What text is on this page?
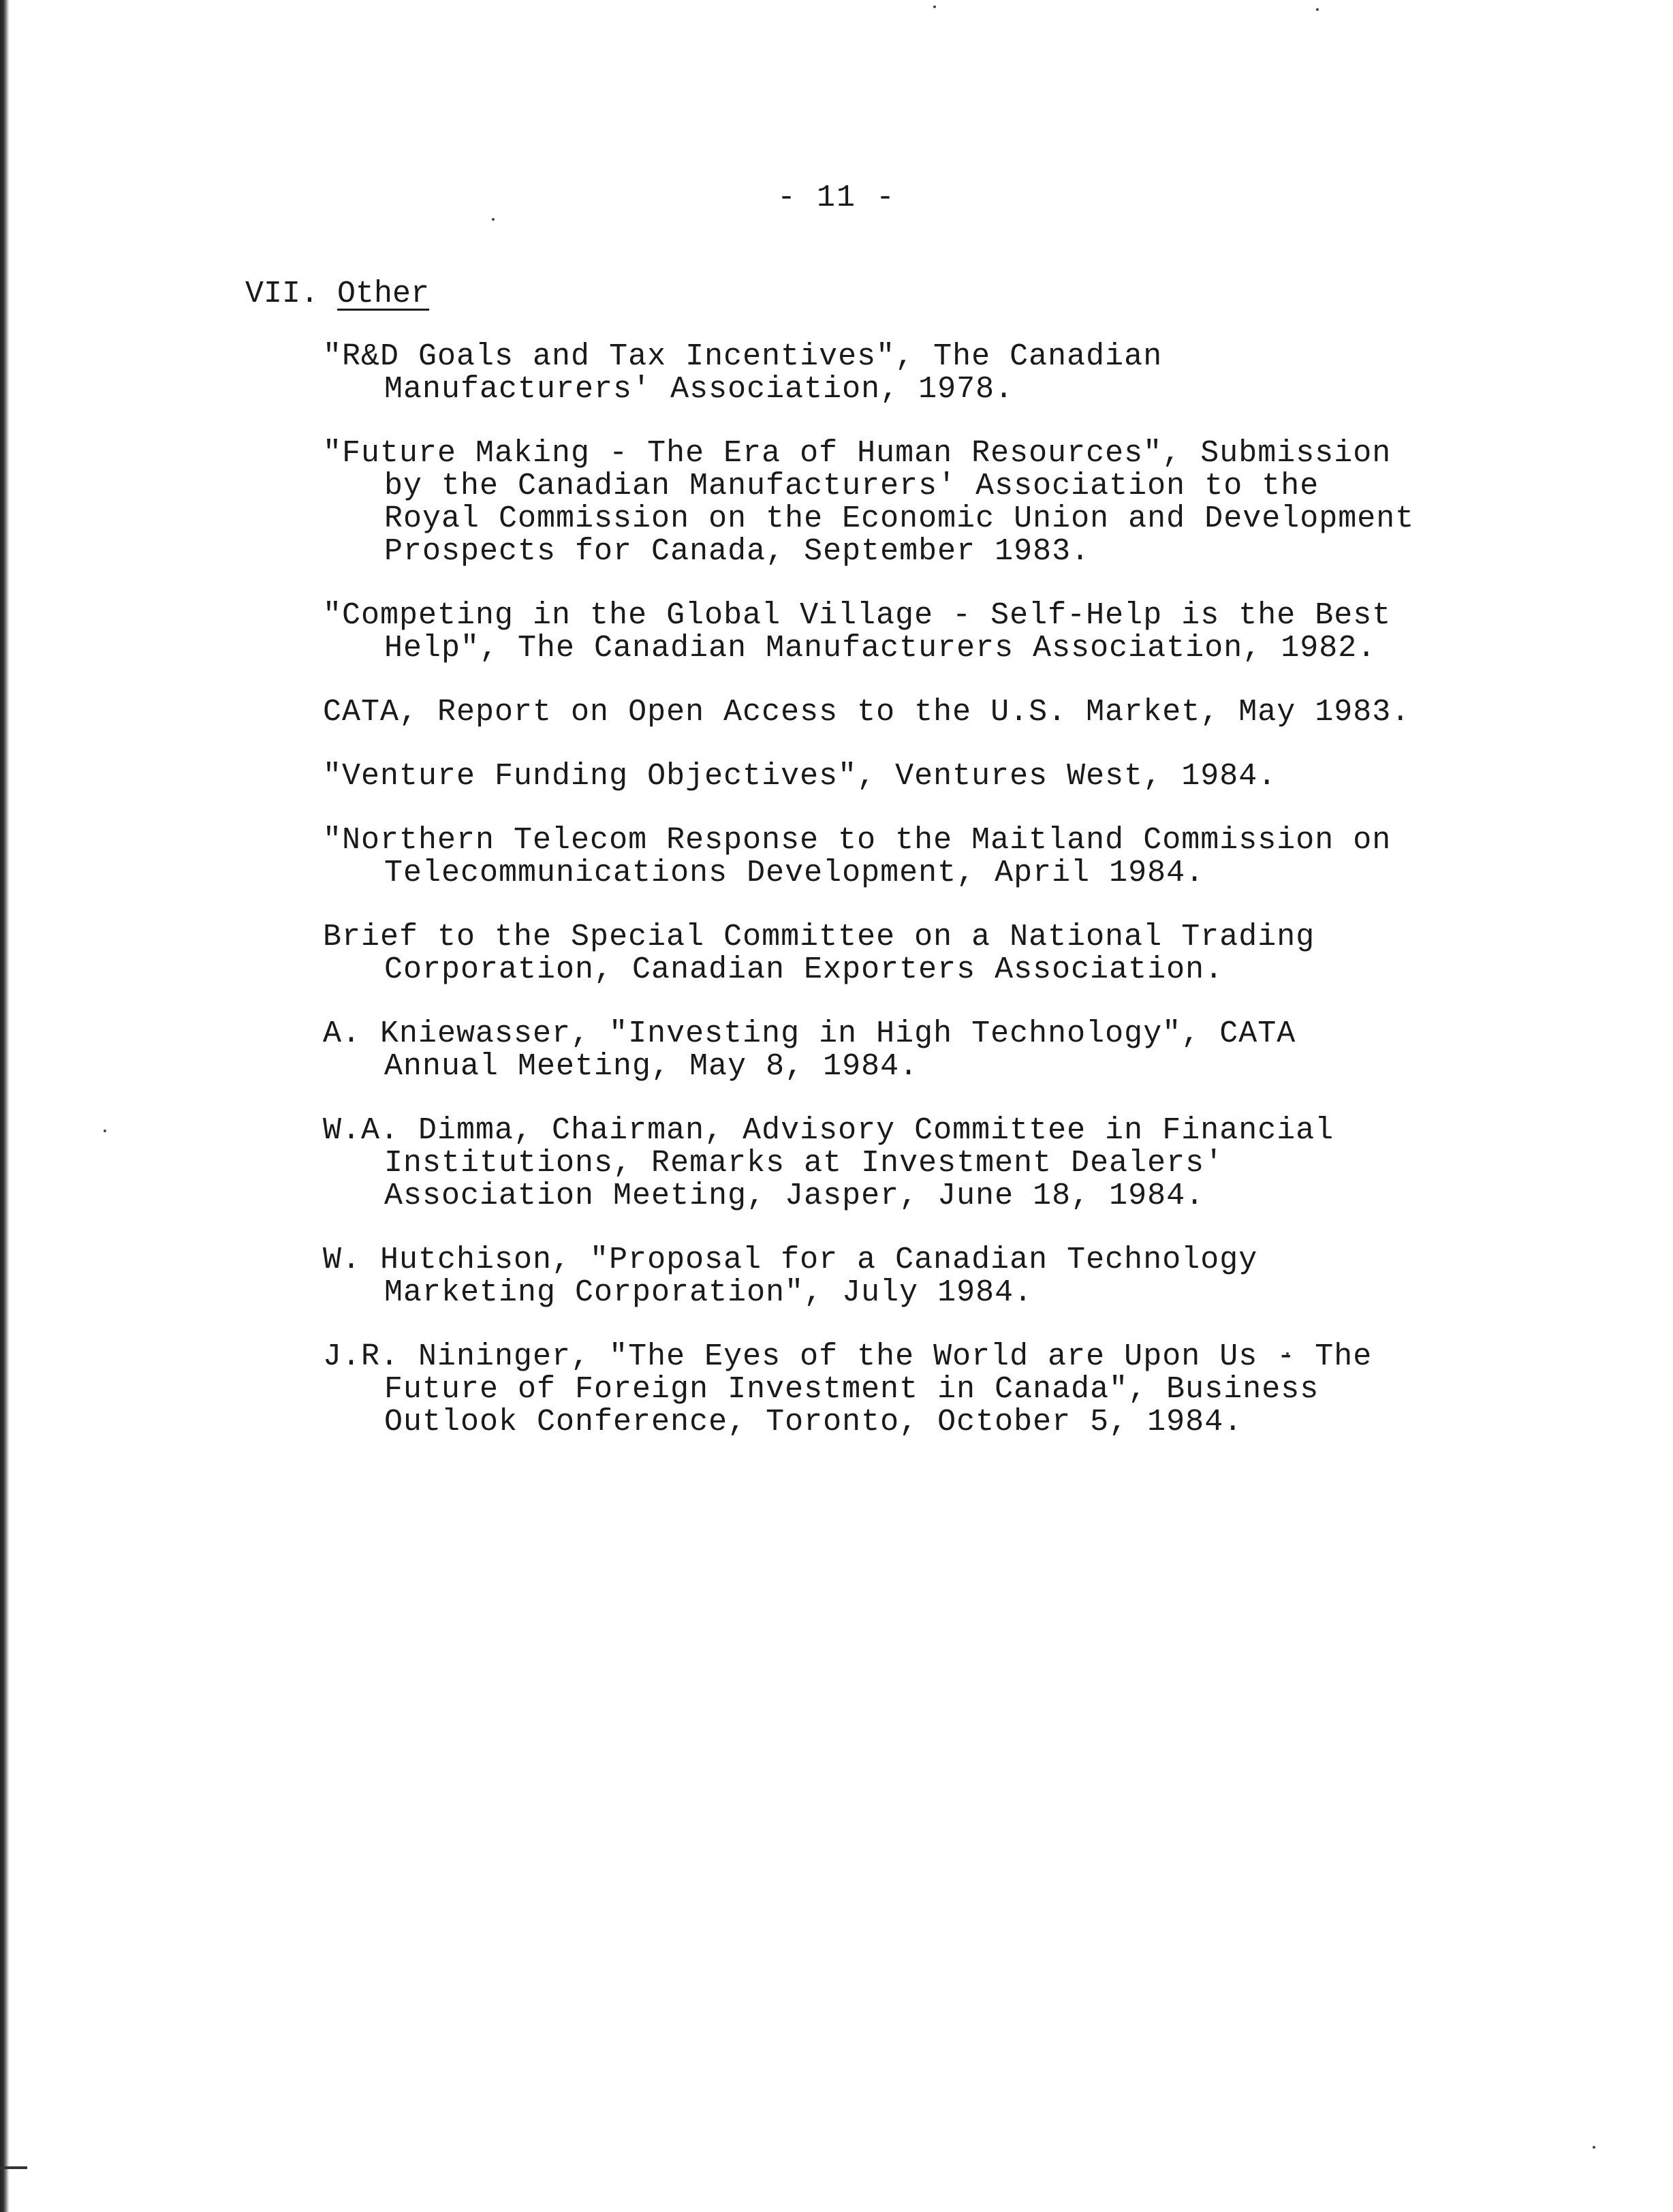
- 11 -
VII. Other

"R&D Goals and Tax Incentives", The Canadian Manufacturers' Association, 1978.

"Future Making - The Era of Human Resources", Submission by the Canadian Manufacturers' Association to the Royal Commission on the Economic Union and Development Prospects for Canada, September 1983.

"Competing in the Global Village - Self-Help is the Best Help", The Canadian Manufacturers Association, 1982.

CATA, Report on Open Access to the U.S. Market, May 1983.

"Venture Funding Objectives", Ventures West, 1984.

"Northern Telecom Response to the Maitland Commission on Telecommunications Development, April 1984.

Brief to the Special Committee on a National Trading Corporation, Canadian Exporters Association.

A. Kniewasser, "Investing in High Technology", CATA Annual Meeting, May 8, 1984.

W.A. Dimma, Chairman, Advisory Committee in Financial Institutions, Remarks at Investment Dealers' Association Meeting, Jasper, June 18, 1984.

W. Hutchison, "Proposal for a Canadian Technology Marketing Corporation", July 1984.

J.R. Nininger, "The Eyes of the World are Upon Us - The Future of Foreign Investment in Canada", Business Outlook Conference, Toronto, October 5, 1984.
